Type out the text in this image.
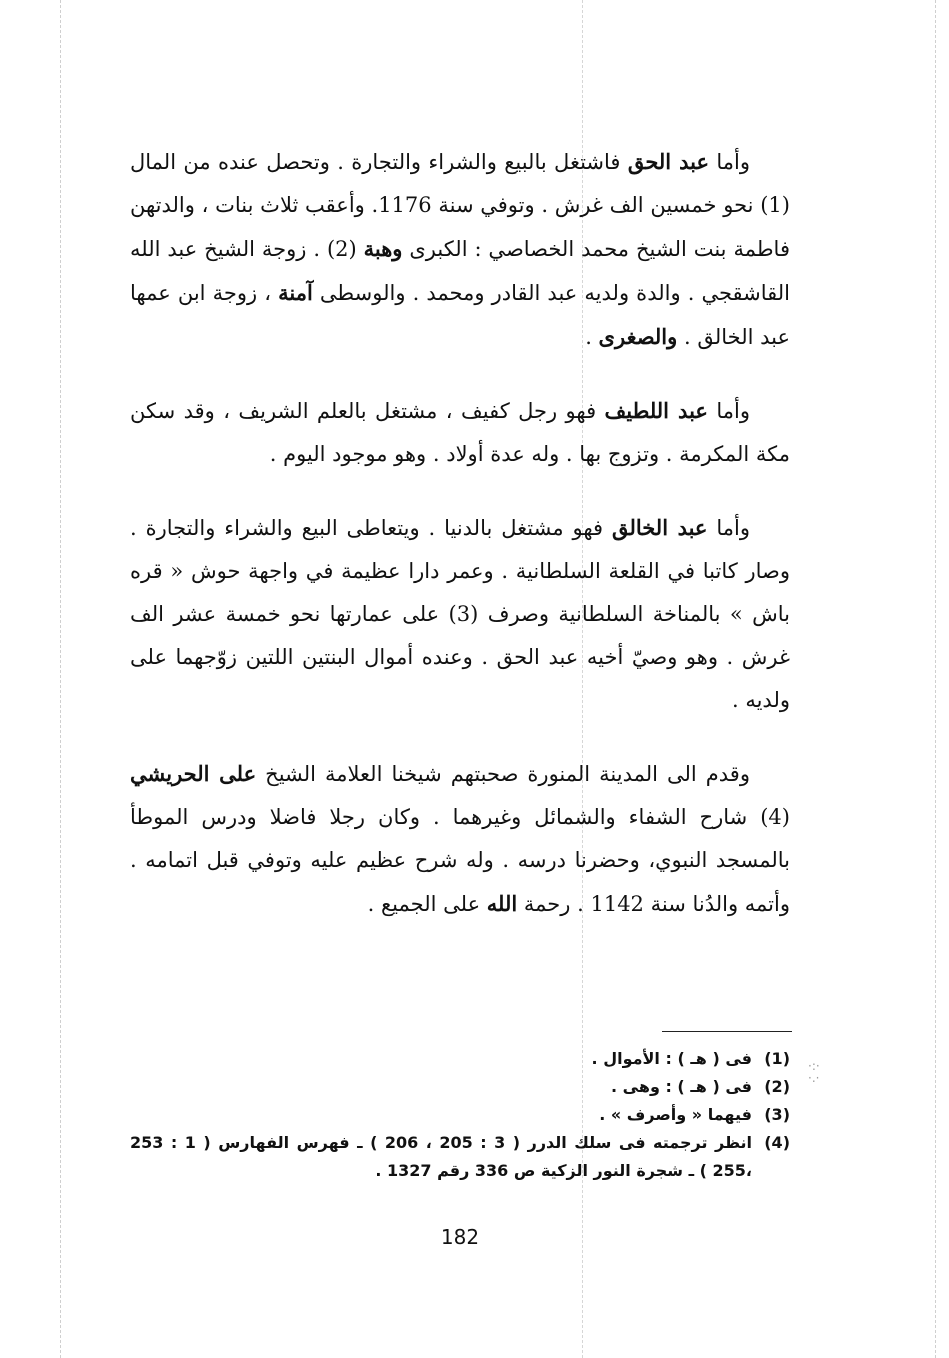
وأما عبد الحق فاشتغل بالبيع والشراء والتجارة . وتحصل عنده من المال (1) نحو خمسين الف غرش . وتوفي سنة 1176. وأعقب ثلاث بنات ، والدتهن فاطمة بنت الشيخ محمد الخصاصي : الكبرى وهبة (2) . زوجة الشيخ عبد الله القاشقجي . والدة ولديه عبد القادر ومحمد . والوسطى آمنة ، زوجة ابن عمها عبد الخالق . والصغرى .

وأما عبد اللطيف فهو رجل كفيف ، مشتغل بالعلم الشريف ، وقد سكن مكة المكرمة . وتزوج بها . وله عدة أولاد . وهو موجود اليوم .

وأما عبد الخالق فهو مشتغل بالدنيا . ويتعاطى البيع والشراء والتجارة . وصار كاتبا في القلعة السلطانية . وعمر دارا عظيمة في واجهة حوش « قره باش » بالمناخة السلطانية وصرف (3) على عمارتها نحو خمسة عشر الف غرش . وهو وصيّ أخيه عبد الحق . وعنده أموال البنتين اللتين زوّجهما على ولديه .

وقدم الى المدينة المنورة صحبتهم شيخنا العلامة الشيخ على الحريشي (4) شارح الشفاء والشمائل وغيرهما . وكان رجلا فاضلا ودرس الموطأ بالمسجد النبوي، وحضرنا درسه . وله شرح عظيم عليه وتوفي قبل اتمامه . وأتمه والدُنا سنة 1142 . رحمة الله على الجميع .

(1)
فى ( هـ ) : الأموال .
(2)
فى ( هـ ) : وهى .
(3)
فيهما « وأصرف » .
(4)
انظر ترجمته فى سلك الدرر ( 3 : 205 ، 206 ) ـ فهرس الفهارس ( 1 : 253 ،255 ) ـ شجرة النور الزكية ص 336 رقم 1327 .
·:·
·.·
182
